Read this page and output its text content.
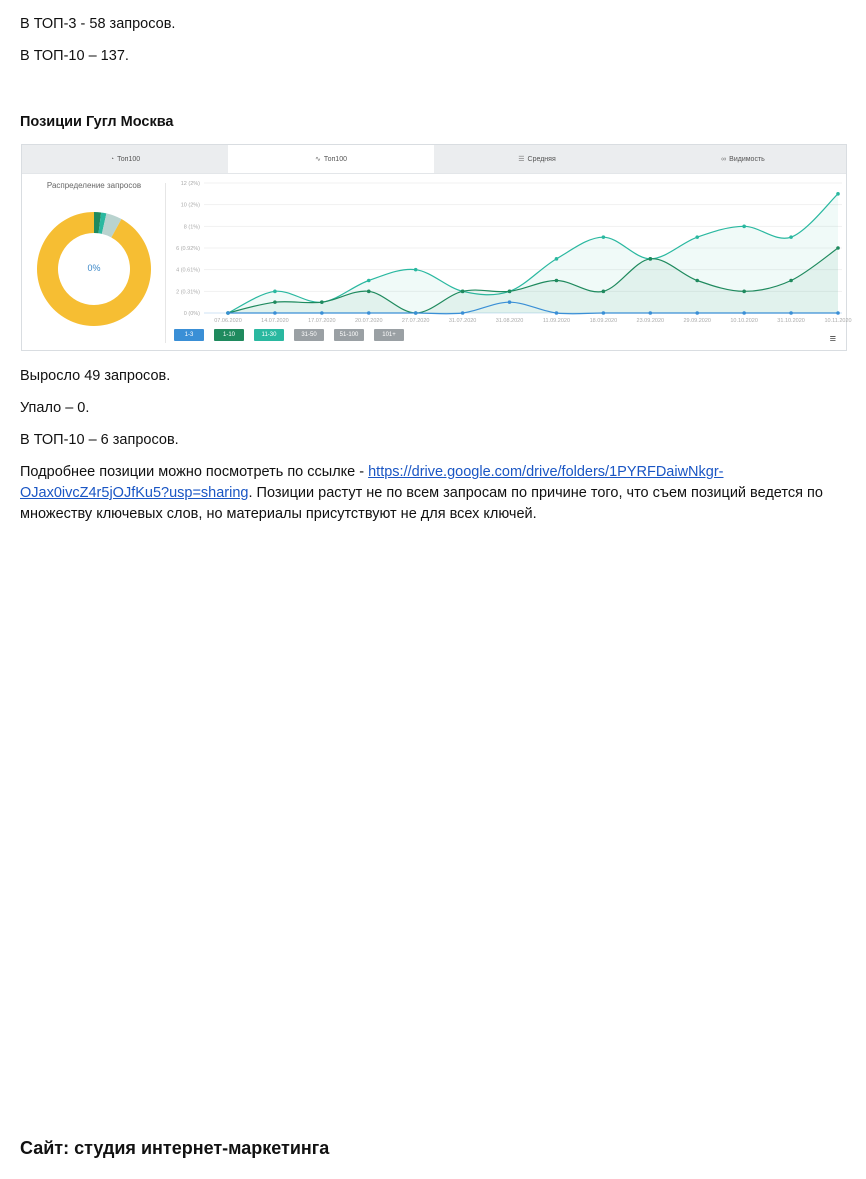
В ТОП-3 - 58 запросов.

В ТОП-10 – 137.

Позиции Гугл Москва

◔ Топ100	∿ Топ100	☰ Средняя	∞ Видимость
Распределение запросов
0%
0 (0%)
2 (0.31%)
4 (0.61%)
6 (0.92%)
8 (1%)
10 (2%)
12 (2%)
07.06.2020	14.07.2020	17.07.2020	20.07.2020	27.07.2020	31.07.2020	31.08.2020	11.09.2020	18.09.2020	23.09.2020	29.09.2020	10.10.2020	31.10.2020	10.11.2020
1-3	1-10	11-30	31-50	51-100	101+	≡

Выросло 49 запросов.

Упало – 0.

В ТОП-10 – 6 запросов.

Подробнее позиции можно посмотреть по ссылке - https://drive.google.com/drive/folders/1PYRFDaiwNkgr-
OJax0ivcZ4r5jOJfKu5?usp=sharing. Позиции растут не по всем запросам по причине того, что съем позиций ведется по
множеству ключевых слов, но материалы присутствуют не для всех ключей.

Сайт: студия интернет-маркетинга
